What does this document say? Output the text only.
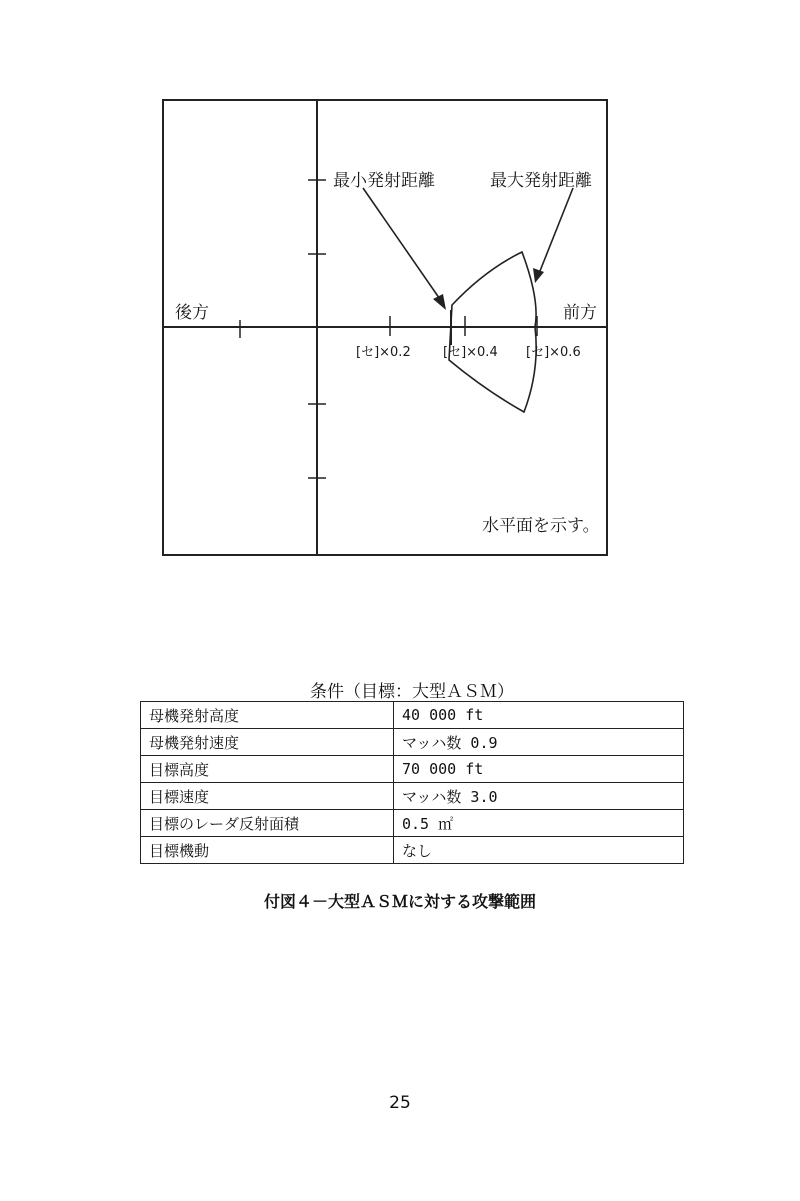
最小発射距離	最大発射距離
後方	前方
[セ]×0.2 [セ]×0.4 [セ]×0.6
水平面を示す。
条件（目標：大型ＡＳＭ）
母機発射高度	40 000 ft
母機発射速度	マッハ数 0.9
目標高度	70 000 ft
目標速度	マッハ数 3.0
目標のレーダ反射面積	0.5 ㎡
目標機動	なし
付図４－大型ＡＳＭに対する攻撃範囲
25
